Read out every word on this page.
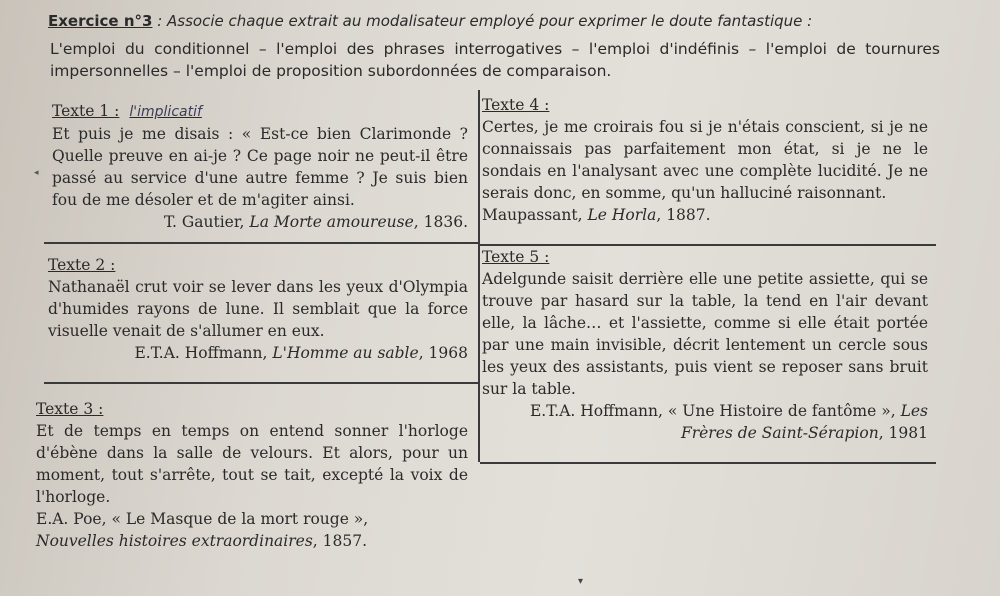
Exercice n°3 : Associe chaque extrait au modalisateur employé pour exprimer le doute fantastique :
L'emploi du conditionnel – l'emploi des phrases interrogatives – l'emploi d'indéfinis – l'emploi de tournures impersonnelles – l'emploi de proposition subordonnées de comparaison.
◂
Texte 1 : l'implicatif
Et puis je me disais : « Est-ce bien Clarimonde ? Quelle preuve en ai-je ? Ce page noir ne peut-il être passé au service d'une autre femme ? Je suis bien fou de me désoler et de m'agiter ainsi.
T. Gautier, La Morte amoureuse, 1836.
Texte 2 :
Nathanaël crut voir se lever dans les yeux d'Olympia d'humides rayons de lune. Il semblait que la force visuelle venait de s'allumer en eux.
E.T.A. Hoffmann, L'Homme au sable, 1968
Texte 3 :
Et de temps en temps on entend sonner l'horloge d'ébène dans la salle de velours. Et alors, pour un moment, tout s'arrête, tout se tait, excepté la voix de l'horloge.
E.A. Poe, « Le Masque de la mort rouge »,
Nouvelles histoires extraordinaires, 1857.
Texte 4 :
Certes, je me croirais fou si je n'étais conscient, si je ne connaissais pas parfaitement mon état, si je ne le sondais en l'analysant avec une complète lucidité. Je ne serais donc, en somme, qu'un halluciné raisonnant.
Maupassant, Le Horla, 1887.
Texte 5 :
Adelgunde saisit derrière elle une petite assiette, qui se trouve par hasard sur la table, la tend en l'air devant elle, la lâche… et l'assiette, comme si elle était portée par une main invisible, décrit lentement un cercle sous les yeux des assistants, puis vient se reposer sans bruit sur la table.
E.T.A. Hoffmann, « Une Histoire de fantôme », Les Frères de Saint-Sérapion, 1981
▾
